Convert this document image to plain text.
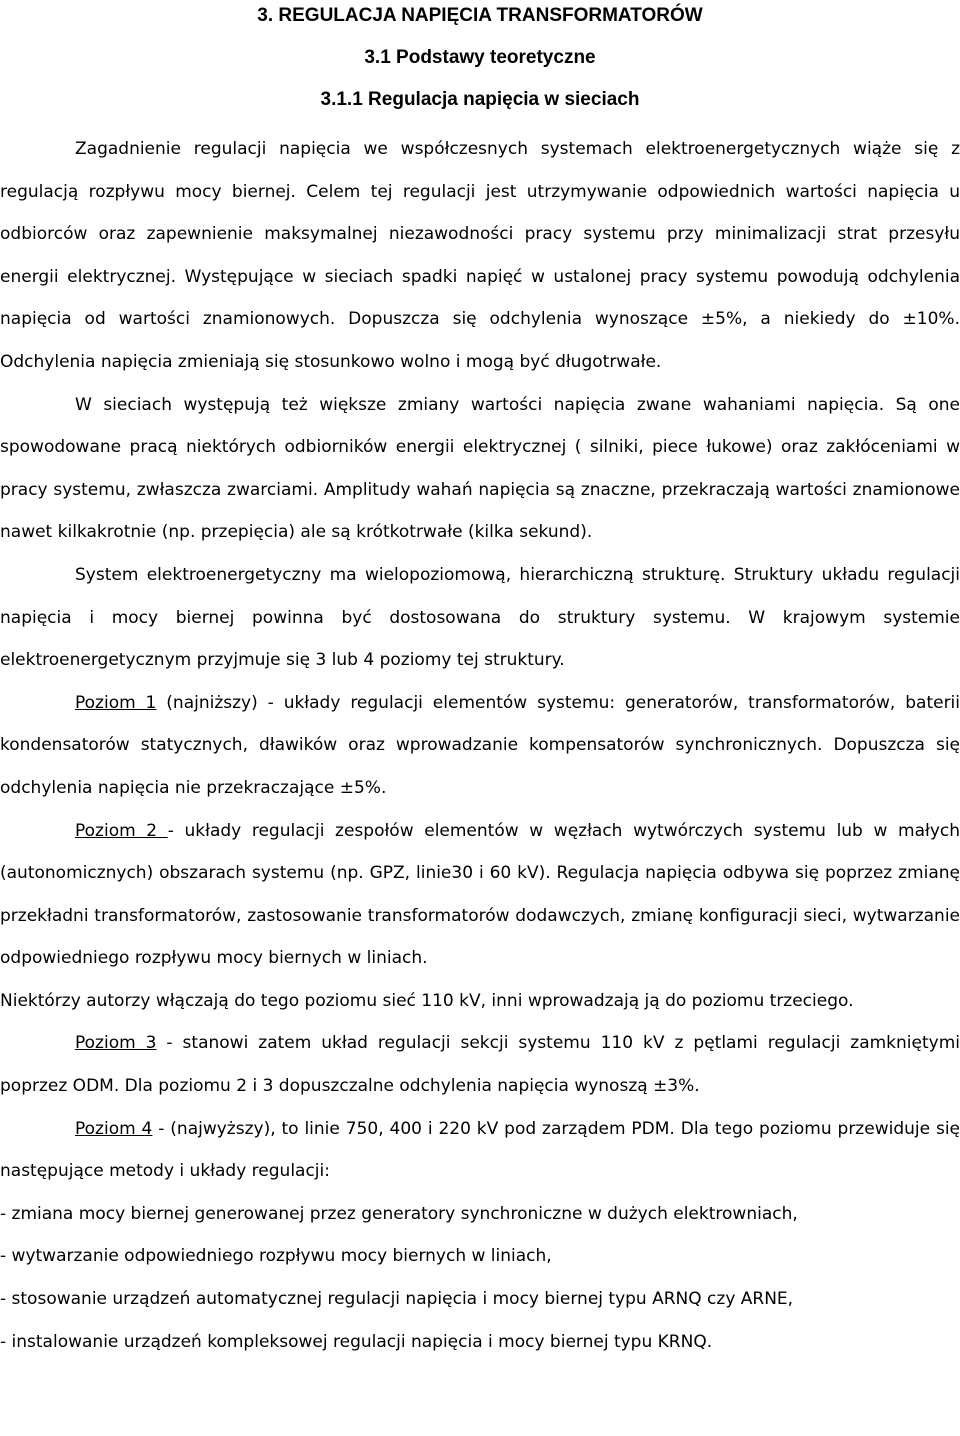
3. REGULACJA NAPIĘCIA TRANSFORMATORÓW
3.1 Podstawy teoretyczne
3.1.1 Regulacja napięcia w sieciach

Zagadnienie regulacji napięcia we współczesnych systemach elektroenergetycznych wiąże się z regulacją rozpływu mocy biernej. Celem tej regulacji jest utrzymywanie odpowiednich wartości napięcia u odbiorców oraz zapewnienie maksymalnej niezawodności pracy systemu przy minimalizacji strat przesyłu energii elektrycznej. Występujące w sieciach spadki napięć w ustalonej pracy systemu powodują odchylenia napięcia od wartości znamionowych. Dopuszcza się odchylenia wynoszące ±5%, a niekiedy do ±10%. Odchylenia napięcia zmieniają się stosunkowo wolno i mogą być długotrwałe.

W sieciach występują też większe zmiany wartości napięcia zwane wahaniami napięcia. Są one spowodowane pracą niektórych odbiorników energii elektrycznej ( silniki, piece łukowe) oraz zakłóceniami w pracy systemu, zwłaszcza zwarciami. Amplitudy wahań napięcia są znaczne, przekraczają wartości znamionowe nawet kilkakrotnie (np. przepięcia) ale są krótkotrwałe (kilka sekund).

System elektroenergetyczny ma wielopoziomową, hierarchiczną strukturę. Struktury układu regulacji napięcia i mocy biernej powinna być dostosowana do struktury systemu. W krajowym systemie elektroenergetycznym przyjmuje się 3 lub 4 poziomy tej struktury.

Poziom 1 (najniższy) - układy regulacji elementów systemu: generatorów, transformatorów, baterii kondensatorów statycznych, dławików oraz wprowadzanie kompensatorów synchronicznych. Dopuszcza się odchylenia napięcia nie przekraczające ±5%.

Poziom 2 - układy regulacji zespołów elementów w węzłach wytwórczych systemu lub w małych (autonomicznych) obszarach systemu (np. GPZ, linie30 i 60 kV). Regulacja napięcia odbywa się poprzez zmianę przekładni transformatorów, zastosowanie transformatorów dodawczych, zmianę konfiguracji sieci, wytwarzanie odpowiedniego rozpływu mocy biernych w liniach.

Niektórzy autorzy włączają do tego poziomu sieć 110 kV, inni wprowadzają ją do poziomu trzeciego.

Poziom 3 - stanowi zatem układ regulacji sekcji systemu 110 kV z pętlami regulacji zamkniętymi poprzez ODM. Dla poziomu 2 i 3 dopuszczalne odchylenia napięcia wynoszą ±3%.

Poziom 4 - (najwyższy), to linie 750, 400 i 220 kV pod zarządem PDM. Dla tego poziomu przewiduje się następujące metody i układy regulacji:

- zmiana mocy biernej generowanej przez generatory synchroniczne w dużych elektrowniach,

- wytwarzanie odpowiedniego rozpływu mocy biernych w liniach,

- stosowanie urządzeń automatycznej regulacji napięcia i mocy biernej typu ARNQ czy ARNE,

- instalowanie urządzeń kompleksowej regulacji napięcia i mocy biernej typu KRNQ.
